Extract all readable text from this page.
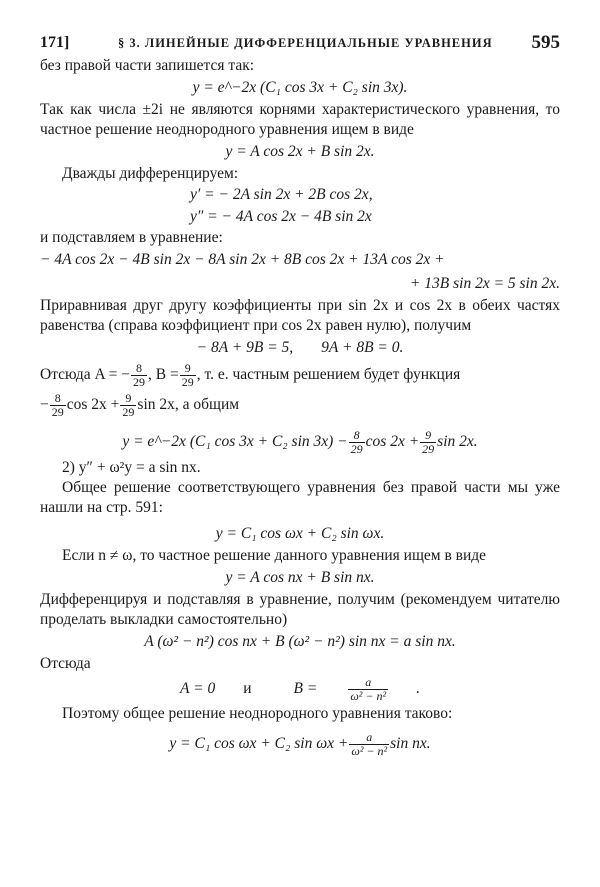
171]	§ 3. ЛИНЕЙНЫЕ ДИФФЕРЕНЦИАЛЬНЫЕ УРАВНЕНИЯ 595

без правой части запишется так:

y = e^−2x (C₁ cos 3x + C₂ sin 3x).

Так как числа ±2i не являются корнями характеристического уравнения, то частное решение неоднородного уравнения ищем в виде

y = A cos 2x + B sin 2x.

Дважды дифференцируем:

y′ = − 2A sin 2x + 2B cos 2x,
y″ = − 4A cos 2x − 4B sin 2x

и подставляем в уравнение:

− 4A cos 2x − 4B sin 2x − 8A sin 2x + 8B cos 2x + 13A cos 2x +

+ 13B sin 2x = 5 sin 2x.

Приравнивая друг другу коэффициенты при sin 2x и cos 2x в обеих частях равенства (справа коэффициент при cos 2x равен нулю), получим

− 8A + 9B = 5, 9A + 8B = 0.

Отсюда A = − $\frac{8}{29}$ , $B = \frac{9}{29}$ , т. е. частным решением будет функция

− $\frac{8}{29}$ $\cos 2x + \frac{9}{29}$ sin 2x, а общим

y = e^−2x (C₁ cos 3x + C₂ $\sin 3x) - \frac{8}{29}$ $\cos 2x + \frac{9}{29}$ sin 2x.

2) y″ + ω²y = a sin nx.

Общее решение соответствующего уравнения без правой части мы уже нашли на стр. 591:

y = C₁ cos ωx + C₂ sin ωx.

Если n ≠ ω, то частное решение данного уравнения ищем в виде

y = A cos nx + B sin nx.

Дифференцируя и подставляя в уравнение, получим (рекомендуем читателю проделать выкладки самостоятельно)

A (ω² − n²) cos nx + B (ω² − n²) sin nx = a sin nx.

Отсюда

A = 0 и	$B = \frac{a}{\text{ω² − n²}}$ .

Поэтому общее решение неоднородного уравнения таково:

y = C₁ cos ωx + C₂ $\sin \omega x + \frac{a}{\text{ω² − n²}}$ sin nx.
